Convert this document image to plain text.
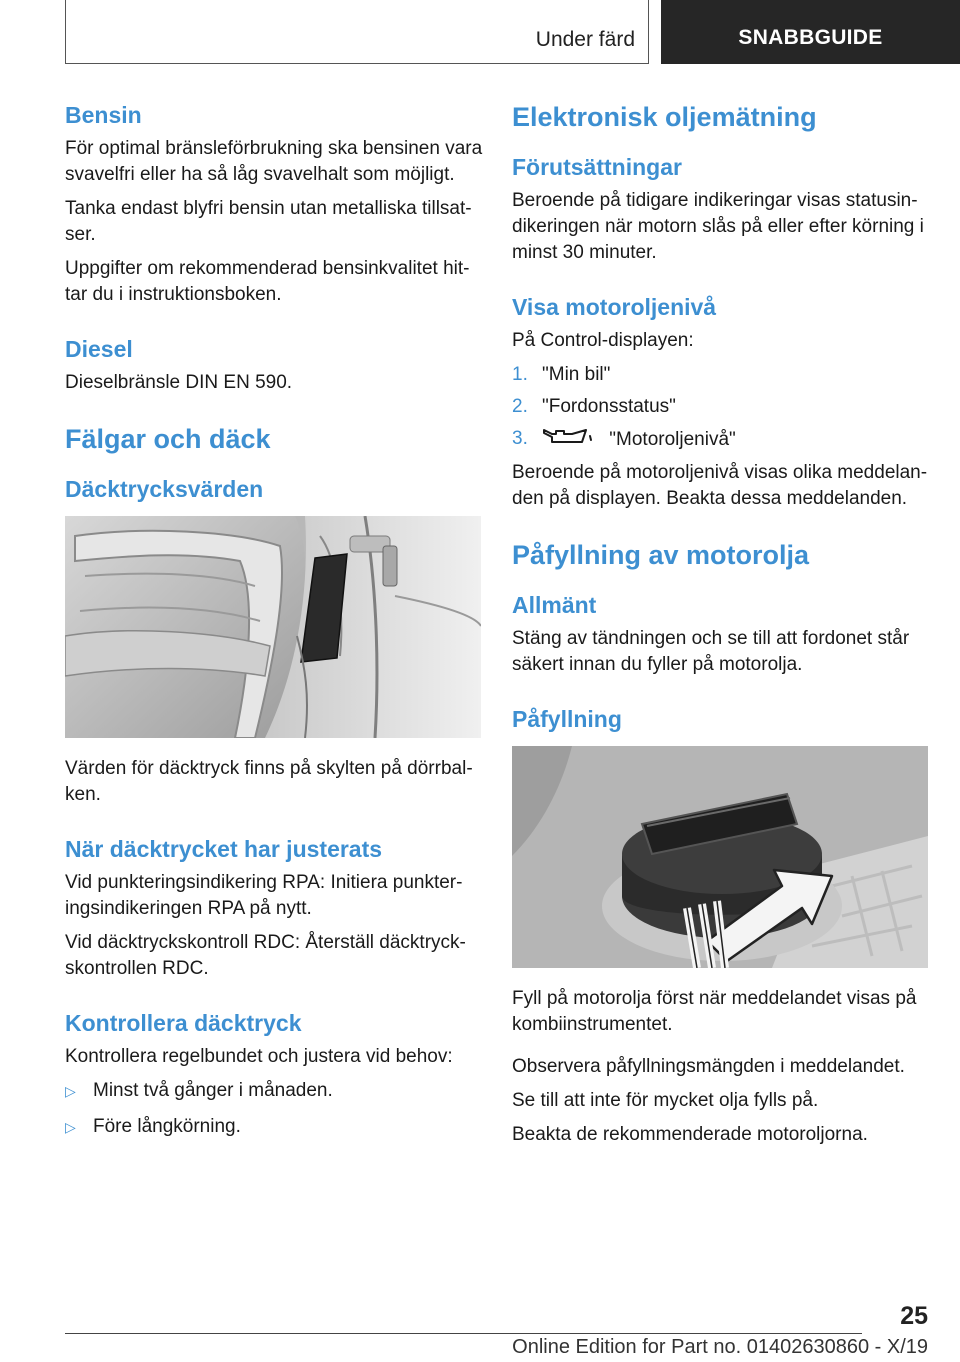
Under färd	SNABBGUIDE
Bensin

För optimal bränsleförbrukning ska bensinen vara svavelfri eller ha så låg svavelhalt som möjligt.

Tanka endast blyfri bensin utan metalliska tillsatser.

Uppgifter om rekommenderad bensinkvalitet hittar du i instruktionsboken.

Diesel

Dieselbränsle DIN EN 590.

Fälgar och däck
Däcktrycksvärden

Värden för däcktryck finns på skylten på dörrbalken.

När däcktrycket har justerats

Vid punkteringsindikering RPA: Initiera punkteringsindikeringen RPA på nytt.

Vid däcktryckskontroll RDC: Återställ däcktryckskontrollen RDC.

Kontrollera däcktryck

Kontrollera regelbundet och justera vid behov:

▷ Minst två gånger i månaden.
▷ Före långkörning.
Elektronisk oljemätning
Förutsättningar

Beroende på tidigare indikeringar visas statusindikeringen när motorn slås på eller efter körning i minst 30 minuter.

Visa motoroljenivå

På Control-displayen:

1. "Min bil"
2. "Fordonsstatus"
3.	"Motoroljenivå"

Beroende på motoroljenivå visas olika meddelanden på displayen. Beakta dessa meddelanden.

Påfyllning av motorolja
Allmänt

Stäng av tändningen och se till att fordonet står säkert innan du fyller på motorolja.

Påfyllning

Fyll på motorolja först när meddelandet visas på kombiinstrumentet.

Observera påfyllningsmängden i meddelandet.

Se till att inte för mycket olja fylls på.

Beakta de rekommenderade motoroljorna.

25
Online Edition for Part no. 01402630860 - X/19
